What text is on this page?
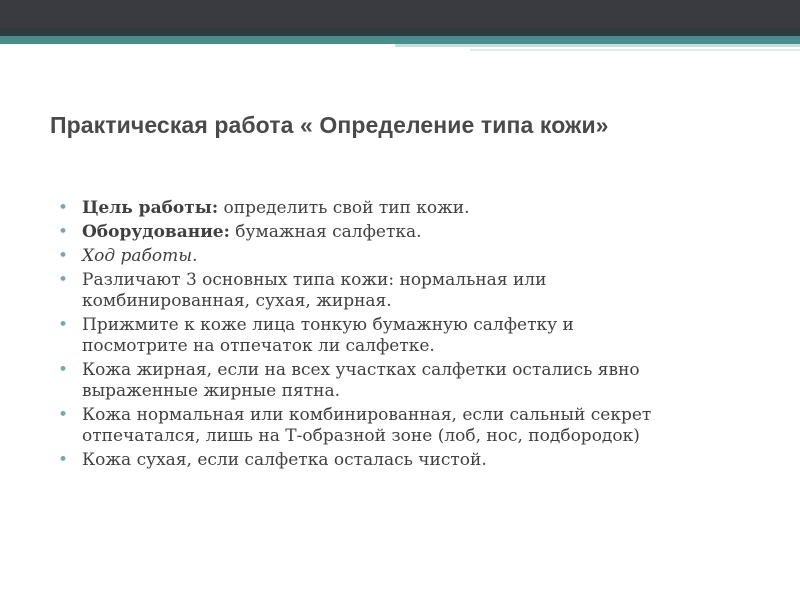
Практическая работа « Определение типа кожи»
• Цель работы: определить свой тип кожи.
• Оборудование: бумажная салфетка.
• Ход работы.
• Различают 3 основных типа кожи: нормальная или
комбинированная, сухая, жирная.
• Прижмите к коже лица тонкую бумажную салфетку и
посмотрите на отпечаток ли салфетке.
• Кожа жирная, если на всех участках салфетки остались явно
выраженные жирные пятна.
• Кожа нормальная или комбинированная, если сальный секрет
отпечатался, лишь на Т-образной зоне (лоб, нос, подбородок)
• Кожа сухая, если салфетка осталась чистой.
